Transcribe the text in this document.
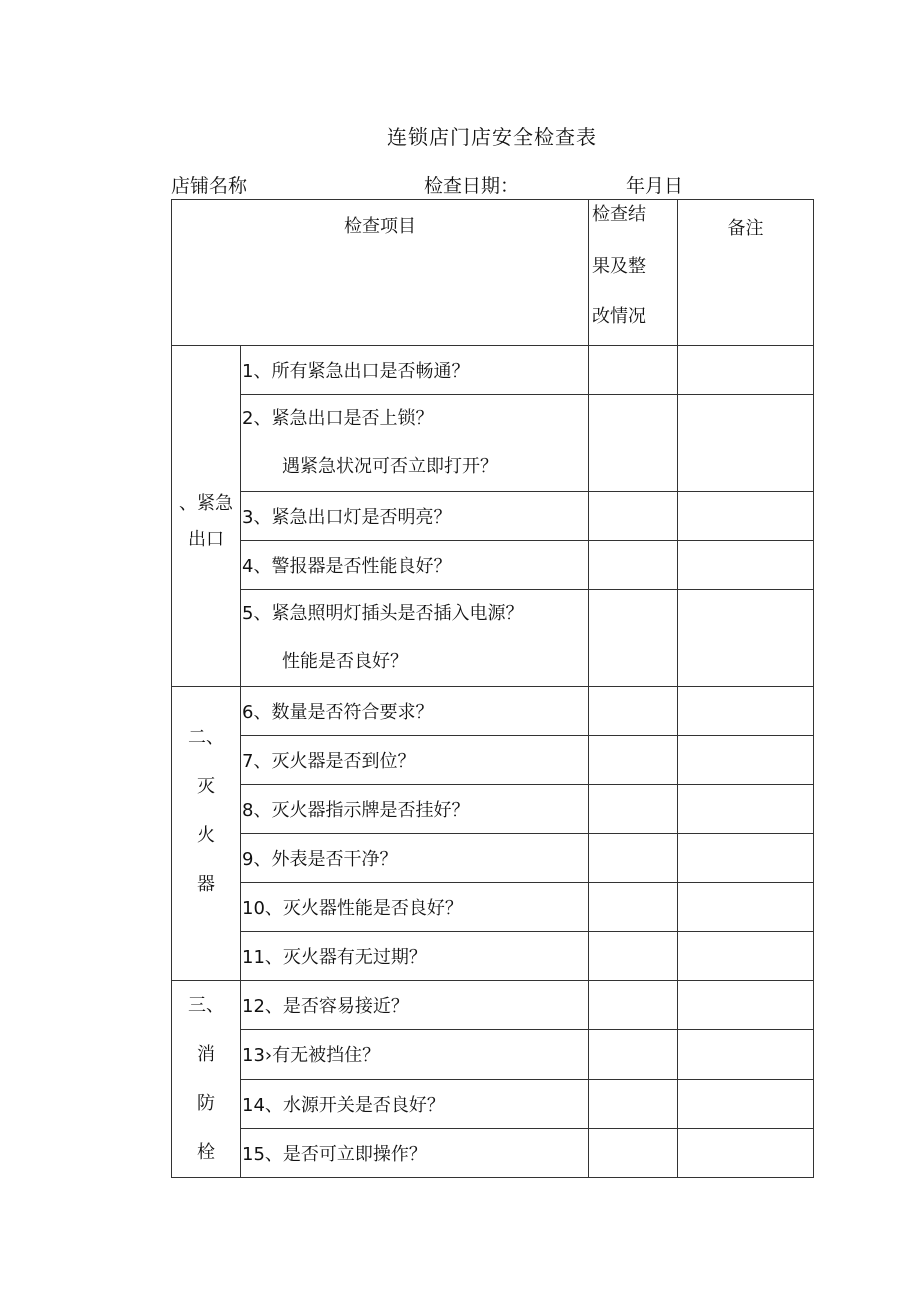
连锁店门店安全检查表
店铺名称	检查日期：	年月日
检查项目		检查结
果及整
改情况	备注

、紧急
出口	1、所有紧急出口是否畅通？		

	2、紧急出口是否上锁？
遇紧急状况可否立即打开？		

	3、紧急出口灯是否明亮？		
	4、警报器是否性能良好？		

	5、紧急照明灯插头是否插入电源？
性能是否良好？		

二、
灭
火
器	6、数量是否符合要求？		
	7、灭火器是否到位？		
	8、灭火器指示牌是否挂好？		
	9、外表是否干净？		
	10、灭火器性能是否良好？		
	11、灭火器有无过期？		

三、
消
防
栓	12、是否容易接近？		
	13›有无被挡住？		
	14、水源开关是否良好？		
	15、是否可立即操作？		
